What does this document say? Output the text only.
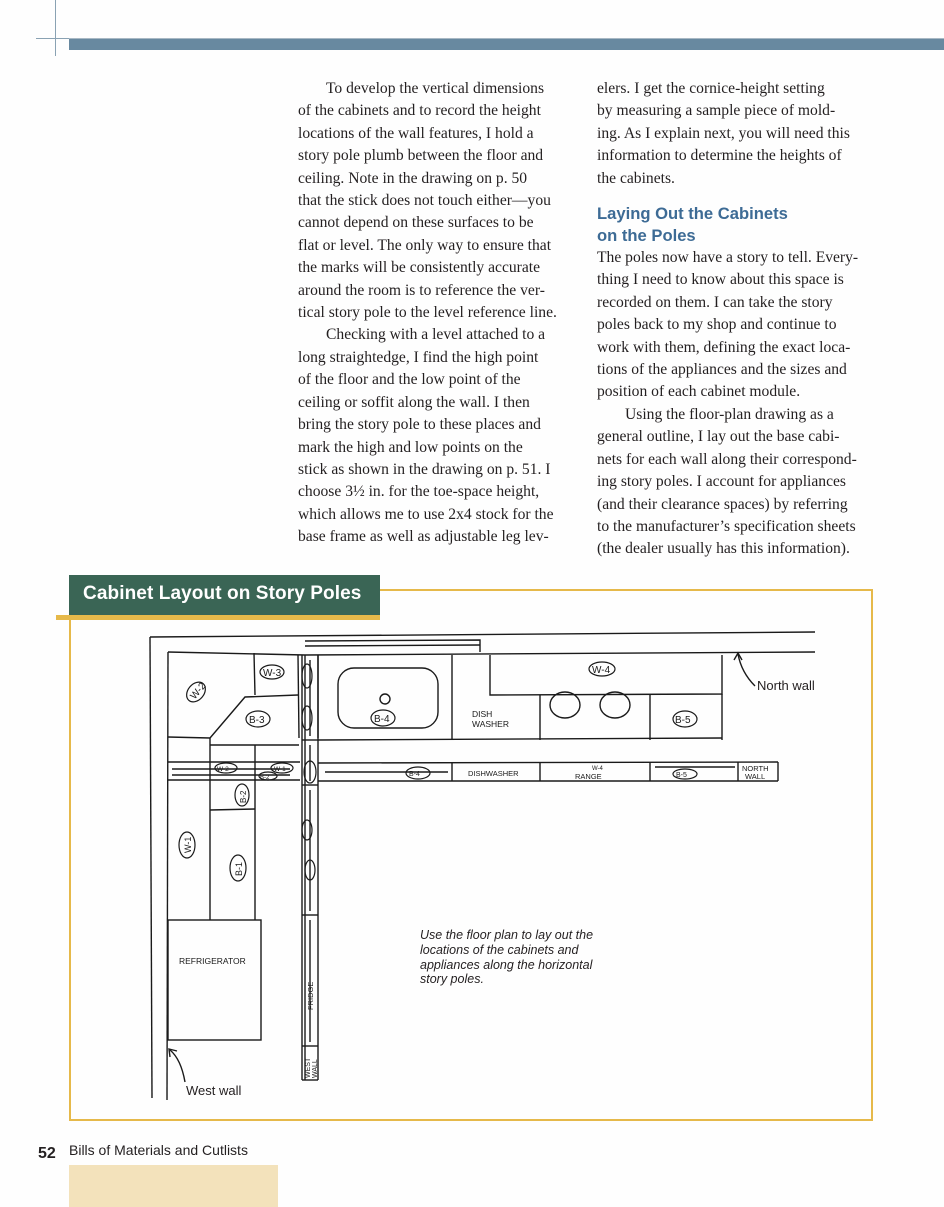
To develop the vertical dimensions
of the cabinets and to record the height
locations of the wall features, I hold a
story pole plumb between the floor and
ceiling. Note in the drawing on p. 50
that the stick does not touch either—you
cannot depend on these surfaces to be
flat or level. The only way to ensure that
the marks will be consistently accurate
around the room is to reference the ver-
tical story pole to the level reference line.
Checking with a level attached to a
long straightedge, I find the high point
of the floor and the low point of the
ceiling or soffit along the wall. I then
bring the story pole to these places and
mark the high and low points on the
stick as shown in the drawing on p. 51. I
choose 3½ in. for the toe-space height,
which allows me to use 2x4 stock for the
base frame as well as adjustable leg lev-
elers. I get the cornice-height setting
by measuring a sample piece of mold-
ing. As I explain next, you will need this
information to determine the heights of
the cabinets.
Laying Out the Cabinets
on the Poles
The poles now have a story to tell. Every-
thing I need to know about this space is
recorded on them. I can take the story
poles back to my shop and continue to
work with them, defining the exact loca-
tions of the appliances and the sizes and
position of each cabinet module.
Using the floor-plan drawing as a
general outline, I lay out the base cabi-
nets for each wall along their correspond-
ing story poles. I account for appliances
(and their clearance spaces) by referring
to the manufacturer’s specification sheets
(the dealer usually has this information).
Cabinet Layout on Story Poles
W-2
W-3
B-3	B-4
W-4
B-5
DISH
WASHER
REFRIGERATOR
DISHWASHER	RANGE
NORTH
WALL
B-5
B-4
W-2	W-1
B-2
W-4
FRIDGE
WEST WALL
W-1
B-1
B-2
North wall
West wall
Use the floor plan to lay out the locations of the cabinets and appliances along the horizontal story poles.
52 Bills of Materials and Cutlists
